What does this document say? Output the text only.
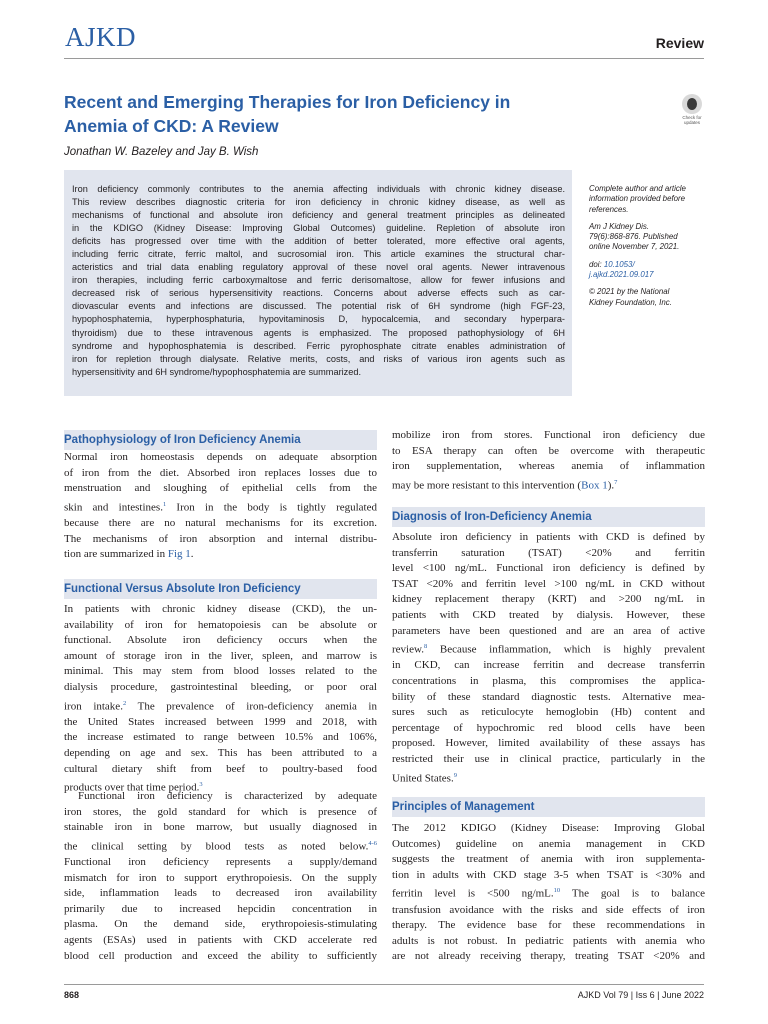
AJKD	Review
Recent and Emerging Therapies for Iron Deficiency in
Anemia of CKD: A Review	Check for updates
Jonathan W. Bazeley and Jay B. Wish
Iron deficiency commonly contributes to the anemia affecting individuals with chronic kidney disease.
This review describes diagnostic criteria for iron deficiency in chronic kidney disease, as well as
mechanisms of functional and absolute iron deficiency and general treatment principles as delineated
in the KDIGO (Kidney Disease: Improving Global Outcomes) guideline. Repletion of absolute iron
deficits has progressed over time with the addition of better tolerated, more effective oral agents,
including ferric citrate, ferric maltol, and sucrosomial iron. This article examines the structural char-
acteristics and trial data enabling regulatory approval of these novel oral agents. Newer intravenous
iron therapies, including ferric carboxymaltose and ferric derisomaltose, allow for fewer infusions and
decreased risk of serious hypersensitivity reactions. Concerns about adverse effects such as car-
diovascular events and infections are discussed. The potential risk of 6H syndrome (high FGF-23,
hypophosphatemia, hyperphosphaturia, hypovitaminosis D, hypocalcemia, and secondary hyperpara-
thyroidism) due to these intravenous agents is emphasized. The proposed pathophysiology of 6H
syndrome and hypophosphatemia is described. Ferric pyrophosphate citrate enables administration of
iron for repletion through dialysate. Relative merits, costs, and risks of various iron agents such as
hypersensitivity and 6H syndrome/hypophosphatemia are summarized.

Complete author and article
information provided before
references.

Am J Kidney Dis.
79(6):868-876. Published
online November 7, 2021.

doi: 10.1053/
j.ajkd.2021.09.017

© 2021 by the National
Kidney Foundation, Inc.

Pathophysiology of Iron Deficiency Anemia
Normal iron homeostasis depends on adequate absorption
of iron from the diet. Absorbed iron replaces losses due to
menstruation and sloughing of epithelial cells from the
skin and intestines.$^1$ Iron in the body is tightly regulated
because there are no natural mechanisms for its excretion.
The mechanisms of iron absorption and internal distribu-
tion are summarized in Fig 1.
Functional Versus Absolute Iron Deficiency
In patients with chronic kidney disease (CKD), the un-
availability of iron for hematopoiesis can be absolute or
functional. Absolute iron deficiency occurs when the
amount of storage iron in the liver, spleen, and marrow is
minimal. This may stem from blood losses related to the
dialysis procedure, gastrointestinal bleeding, or poor oral
iron intake.$^2$ The prevalence of iron-deficiency anemia in
the United States increased between 1999 and 2018, with
the increase estimated to range between 10.5% and 106%,
depending on age and sex. This has been attributed to a
cultural dietary shift from beef to poultry-based food
products over that time period.$^3$
Functional iron deficiency is characterized by adequate
iron stores, the gold standard for which is presence of
stainable iron in bone marrow, but usually diagnosed in
the clinical setting by blood tests as noted below.$^{4-6}$
Functional iron deficiency represents a supply/demand
mismatch for iron to support erythropoiesis. On the supply
side, inflammation leads to decreased iron availability
primarily due to increased hepcidin concentration in
plasma. On the demand side, erythropoiesis-stimulating
agents (ESAs) used in patients with CKD accelerate red
blood cell production and exceed the ability to sufficiently
mobilize iron from stores. Functional iron deficiency due
to ESA therapy can often be overcome with therapeutic
iron supplementation, whereas anemia of inflammation
may be more resistant to this intervention (Box 1).$^7$
Diagnosis of Iron-Deficiency Anemia
Absolute iron deficiency in patients with CKD is defined by
transferrin saturation (TSAT) <20% and ferritin
level <100 ng/mL. Functional iron deficiency is defined by
TSAT <20% and ferritin level >100 ng/mL in CKD without
kidney replacement therapy (KRT) and >200 ng/mL in
patients with CKD treated by dialysis. However, these
parameters have been questioned and are an area of active
review.$^8$ Because inflammation, which is highly prevalent
in CKD, can increase ferritin and decrease transferrin
concentrations in plasma, this compromises the applica-
bility of these standard diagnostic tests. Alternative mea-
sures such as reticulocyte hemoglobin (Hb) content and
percentage of hypochromic red blood cells have been
proposed. However, limited availability of these assays has
restricted their use in clinical practice, particularly in the
United States.$^9$
Principles of Management
The 2012 KDIGO (Kidney Disease: Improving Global
Outcomes) guideline on anemia management in CKD
suggests the treatment of anemia with iron supplementa-
tion in adults with CKD stage 3-5 when TSAT is <30% and
ferritin level is <500 ng/mL.$^{10}$ The goal is to balance
transfusion avoidance with the risks and side effects of iron
therapy. The evidence base for these recommendations in
adults is not robust. In pediatric patients with anemia who
are not already receiving therapy, treating TSAT <20% and
868	AJKD Vol 79 | Iss 6 | June 2022
